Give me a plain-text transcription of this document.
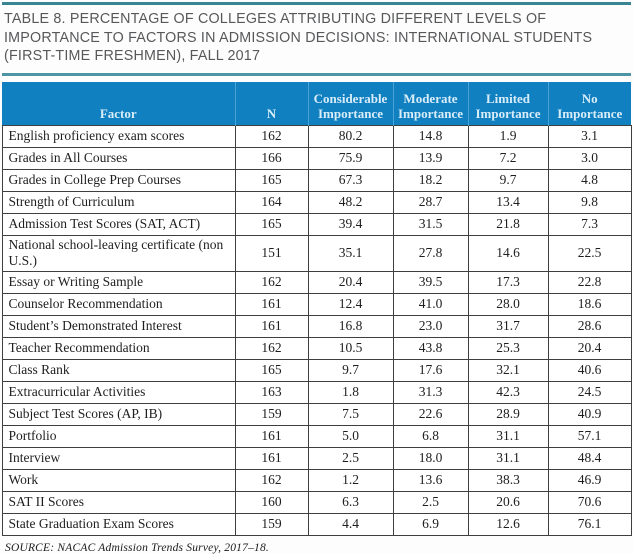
TABLE 8. PERCENTAGE OF COLLEGES ATTRIBUTING DIFFERENT LEVELS OF IMPORTANCE TO FACTORS IN ADMISSION DECISIONS: INTERNATIONAL STUDENTS (FIRST-TIME FRESHMEN), FALL 2017
Factor	N	Considerable Importance	Moderate Importance	Limited Importance	No Importance
English proficiency exam scores	162	80.2	14.8	1.9	3.1
Grades in All Courses	166	75.9	13.9	7.2	3.0
Grades in College Prep Courses	165	67.3	18.2	9.7	4.8
Strength of Curriculum	164	48.2	28.7	13.4	9.8
Admission Test Scores (SAT, ACT)	165	39.4	31.5	21.8	7.3
National school-leaving certificate (non U.S.)	151	35.1	27.8	14.6	22.5
Essay or Writing Sample	162	20.4	39.5	17.3	22.8
Counselor Recommendation	161	12.4	41.0	28.0	18.6
Student’s Demonstrated Interest	161	16.8	23.0	31.7	28.6
Teacher Recommendation	162	10.5	43.8	25.3	20.4
Class Rank	165	9.7	17.6	32.1	40.6
Extracurricular Activities	163	1.8	31.3	42.3	24.5
Subject Test Scores (AP, IB)	159	7.5	22.6	28.9	40.9
Portfolio	161	5.0	6.8	31.1	57.1
Interview	161	2.5	18.0	31.1	48.4
Work	162	1.2	13.6	38.3	46.9
SAT II Scores	160	6.3	2.5	20.6	70.6
State Graduation Exam Scores	159	4.4	6.9	12.6	76.1
SOURCE: NACAC Admission Trends Survey, 2017–18.
